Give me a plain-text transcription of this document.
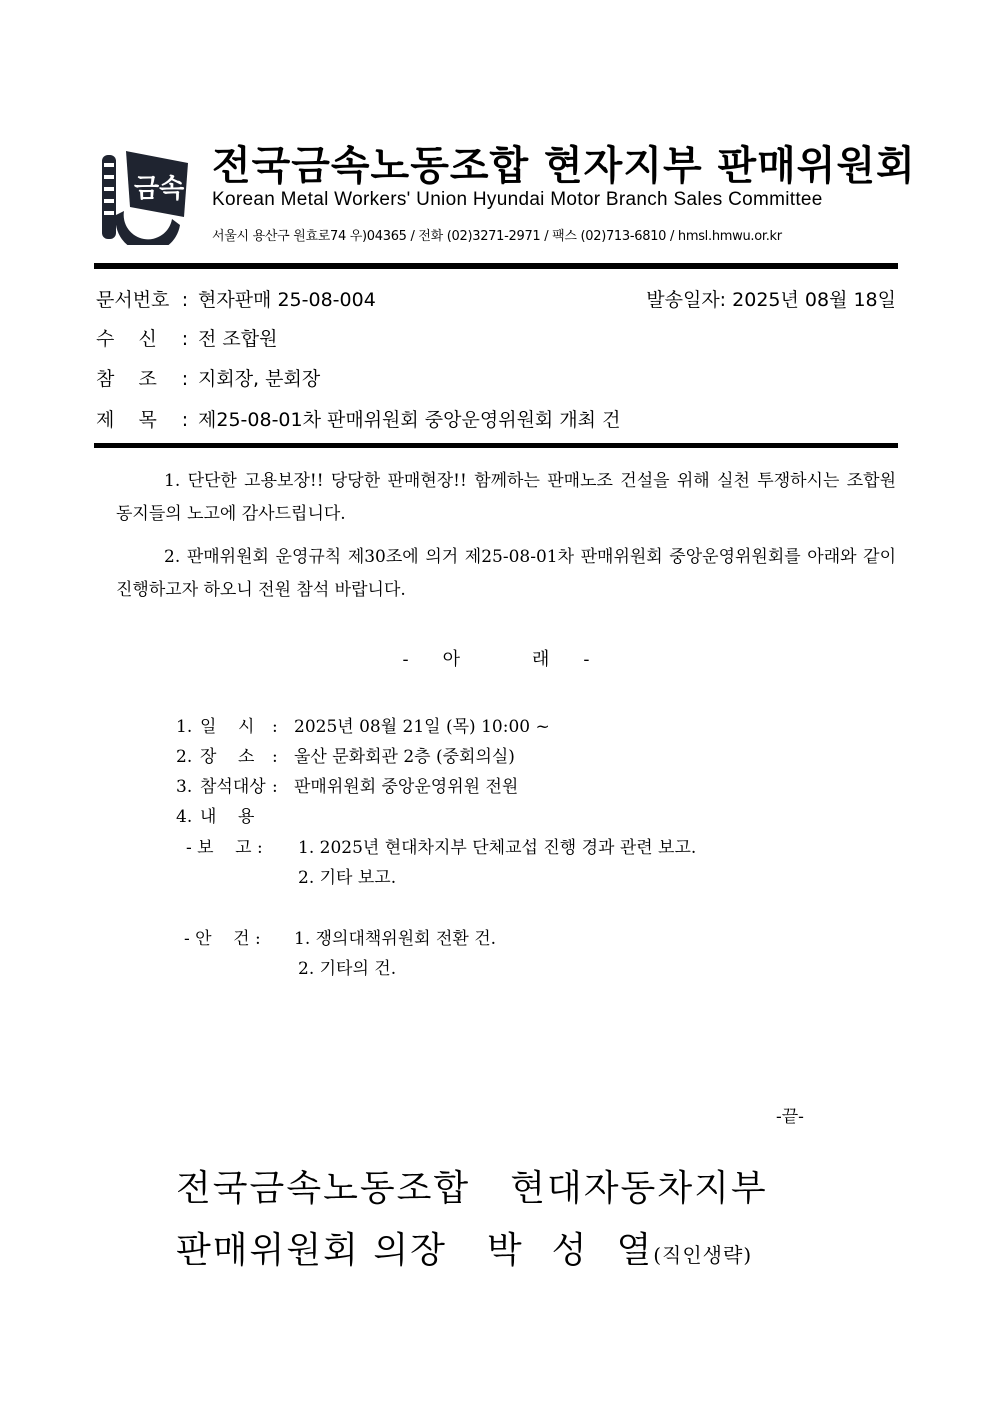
금속 전국금속노동조합 현자지부 판매위원회
Korean Metal Workers' Union Hyundai Motor Branch Sales Committee
서울시 용산구 원효로74 우)04365 / 전화 (02)3271-2971 / 팩스 (02)713-6810 / hmsl.hmwu.or.kr
문서번호 : 현자판매 25-08-004	발송일자: 2025년 08월 18일
수    신 : 전 조합원
참    조 : 지회장, 분회장
제    목 : 제25-08-01차 판매위원회 중앙운영위원회 개최 건
1. 단단한 고용보장!! 당당한 판매현장!! 함께하는 판매노조 건설을 위해 실천 투쟁하시는 조합원 동지들의 노고에 감사드립니다.
2. 판매위원회 운영규칙 제30조에 의거 제25-08-01차 판매위원회 중앙운영위원회를 아래와 같이 진행하고자 하오니 전원 참석 바랍니다.
- 아	래 -
1. 일    시 : 2025년 08월 21일 (목) 10:00 ~
2. 장    소 : 울산 문화회관 2층 (중회의실)
3. 참석대상 : 판매위원회 중앙운영위원 전원
4. 내    용
- 보    고 : 1. 2025년 현대차지부 단체교섭 진행 경과 관련 보고.
2. 기타 보고.
- 안    건 : 1. 쟁의대책위원회 전환 건.
2. 기타의 건.
-끝-
전국금속노동조합 현대자동차지부
판매위원회 의장 박 성 열(직인생략)
